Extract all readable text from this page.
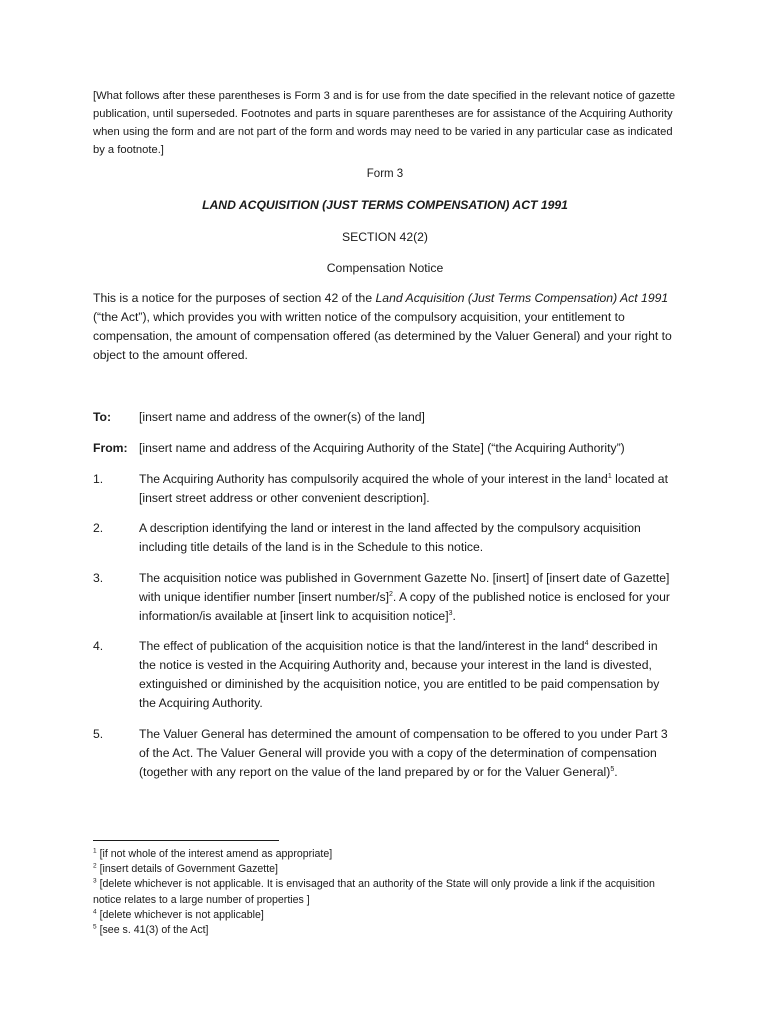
[What follows after these parentheses is Form 3 and is for use from the date specified in the relevant notice of gazette publication, until superseded. Footnotes and parts in square parentheses are for assistance of the Acquiring Authority when using the form and are not part of the form and words may need to be varied in any particular case as indicated by a footnote.]
Form 3
LAND ACQUISITION (JUST TERMS COMPENSATION) ACT 1991
SECTION 42(2)
Compensation Notice
This is a notice for the purposes of section 42 of the Land Acquisition (Just Terms Compensation) Act 1991 (“the Act”), which provides you with written notice of the compulsory acquisition, your entitlement to compensation, the amount of compensation offered (as determined by the Valuer General) and your right to object to the amount offered.
To: [insert name and address of the owner(s) of the land]
From: [insert name and address of the Acquiring Authority of the State] (“the Acquiring Authority”)
1.	The Acquiring Authority has compulsorily acquired the whole of your interest in the land$^1$ located at [insert street address or other convenient description].
2.	A description identifying the land or interest in the land affected by the compulsory acquisition including title details of the land is in the Schedule to this notice.
3.	The acquisition notice was published in Government Gazette No. [insert] of [insert date of Gazette] with unique identifier number [insert number/s]$^2$. A copy of the published notice is enclosed for your information/is available at [insert link to acquisition notice]$^3$.
4.	The effect of publication of the acquisition notice is that the land/interest in the land$^4$ described in the notice is vested in the Acquiring Authority and, because your interest in the land is divested, extinguished or diminished by the acquisition notice, you are entitled to be paid compensation by the Acquiring Authority.
5.	The Valuer General has determined the amount of compensation to be offered to you under Part 3 of the Act. The Valuer General will provide you with a copy of the determination of compensation (together with any report on the value of the land prepared by or for the Valuer General)$^5$.
$^1$ [if not whole of the interest amend as appropriate]
$^2$ [insert details of Government Gazette]
$^3$ [delete whichever is not applicable. It is envisaged that an authority of the State will only provide a link if the acquisition notice relates to a large number of properties ]
$^4$ [delete whichever is not applicable]
$^5$ [see s. 41(3) of the Act]
